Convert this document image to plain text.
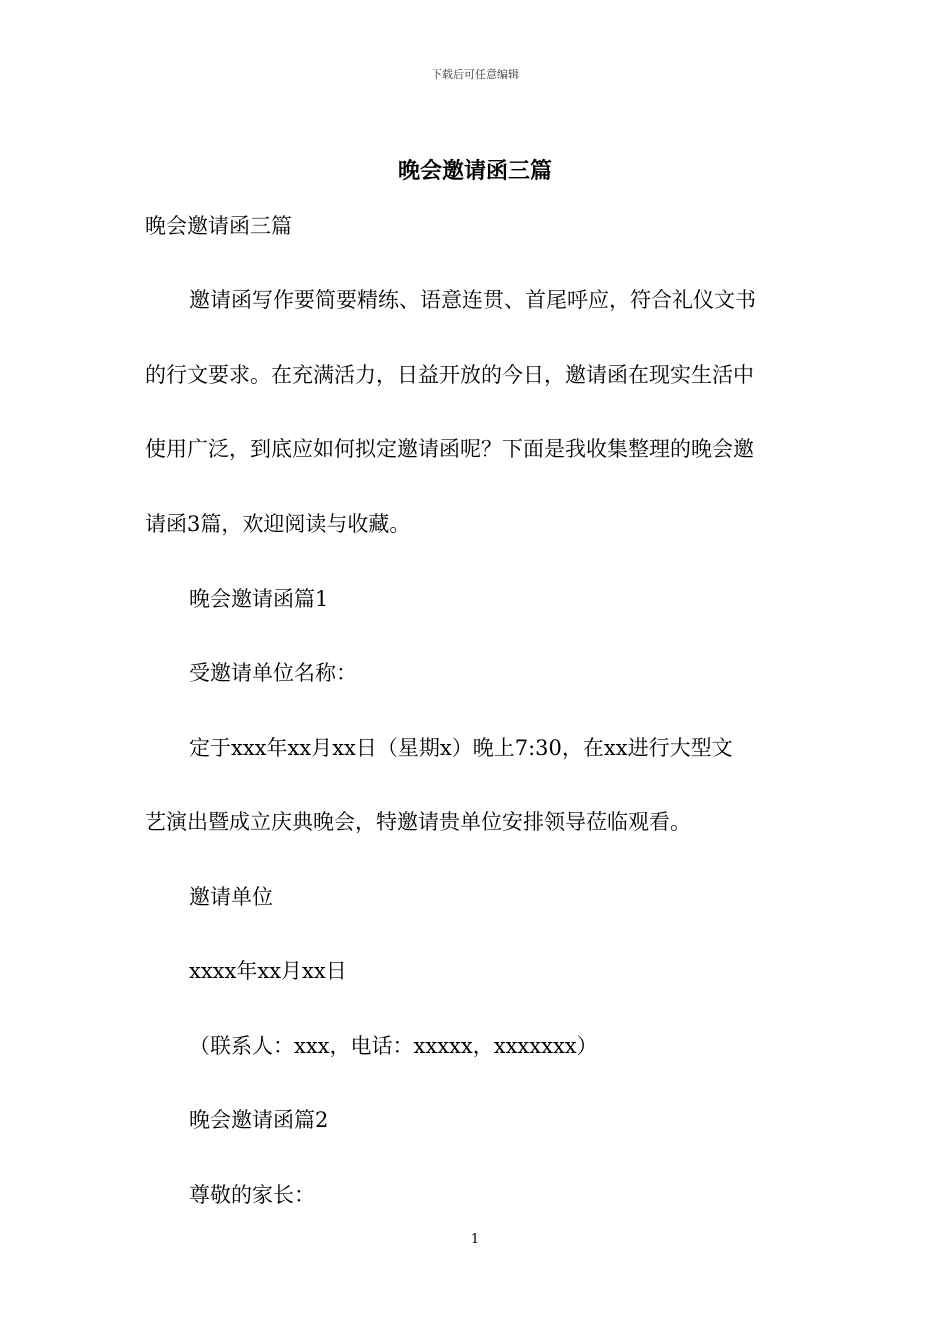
下载后可任意编辑
晚会邀请函三篇
晚会邀请函三篇
邀请函写作要简要精练、语意连贯、首尾呼应，符合礼仪文书
的行文要求。在充满活力，日益开放的今日，邀请函在现实生活中
使用广泛，到底应如何拟定邀请函呢？下面是我收集整理的晚会邀
请函3篇，欢迎阅读与收藏。
晚会邀请函篇1
受邀请单位名称：
定于xxx年xx月xx日（星期x）晚上7:30，在xx进行大型文
艺演出暨成立庆典晚会，特邀请贵单位安排领导莅临观看。
邀请单位
xxxx年xx月xx日
（联系人：xxx，电话：xxxxx，xxxxxxx）
晚会邀请函篇2
尊敬的家长：
1
